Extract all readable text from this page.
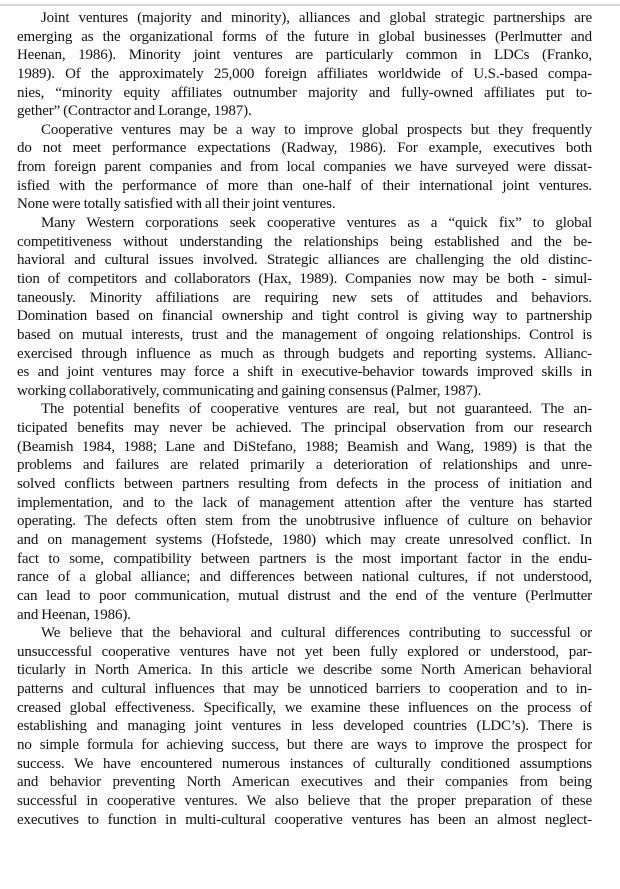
Joint ventures (majority and minority), alliances and global strategic partnerships are
emerging as the organizational forms of the future in global businesses (Perlmutter and
Heenan, 1986). Minority joint ventures are particularly common in LDCs (Franko,
1989). Of the approximately 25,000 foreign affiliates worldwide of U.S.-based compa-
nies, “minority equity affiliates outnumber majority and fully-owned affiliates put to-
gether” (Contractor and Lorange, 1987).
Cooperative ventures may be a way to improve global prospects but they frequently
do not meet performance expectations (Radway, 1986). For example, executives both
from foreign parent companies and from local companies we have surveyed were dissat-
isfied with the performance of more than one-half of their international joint ventures.
None were totally satisfied with all their joint ventures.
Many Western corporations seek cooperative ventures as a “quick fix” to global
competitiveness without understanding the relationships being established and the be-
havioral and cultural issues involved. Strategic alliances are challenging the old distinc-
tion of competitors and collaborators (Hax, 1989). Companies now may be both - simul-
taneously. Minority affiliations are requiring new sets of attitudes and behaviors.
Domination based on financial ownership and tight control is giving way to partnership
based on mutual interests, trust and the management of ongoing relationships. Control is
exercised through influence as much as through budgets and reporting systems. Allianc-
es and joint ventures may force a shift in executive-behavior towards improved skills in
working collaboratively, communicating and gaining consensus (Palmer, 1987).
The potential benefits of cooperative ventures are real, but not guaranteed. The an-
ticipated benefits may never be achieved. The principal observation from our research
(Beamish 1984, 1988; Lane and DiStefano, 1988; Beamish and Wang, 1989) is that the
problems and failures are related primarily a deterioration of relationships and unre-
solved conflicts between partners resulting from defects in the process of initiation and
implementation, and to the lack of management attention after the venture has started
operating. The defects often stem from the unobtrusive influence of culture on behavior
and on management systems (Hofstede, 1980) which may create unresolved conflict. In
fact to some, compatibility between partners is the most important factor in the endu-
rance of a global alliance; and differences between national cultures, if not understood,
can lead to poor communication, mutual distrust and the end of the venture (Perlmutter
and Heenan, 1986).
We believe that the behavioral and cultural differences contributing to successful or
unsuccessful cooperative ventures have not yet been fully explored or understood, par-
ticularly in North America. In this article we describe some North American behavioral
patterns and cultural influences that may be unnoticed barriers to cooperation and to in-
creased global effectiveness. Specifically, we examine these influences on the process of
establishing and managing joint ventures in less developed countries (LDC’s). There is
no simple formula for achieving success, but there are ways to improve the prospect for
success. We have encountered numerous instances of culturally conditioned assumptions
and behavior preventing North American executives and their companies from being
successful in cooperative ventures. We also believe that the proper preparation of these
executives to function in multi-cultural cooperative ventures has been an almost neglect-
